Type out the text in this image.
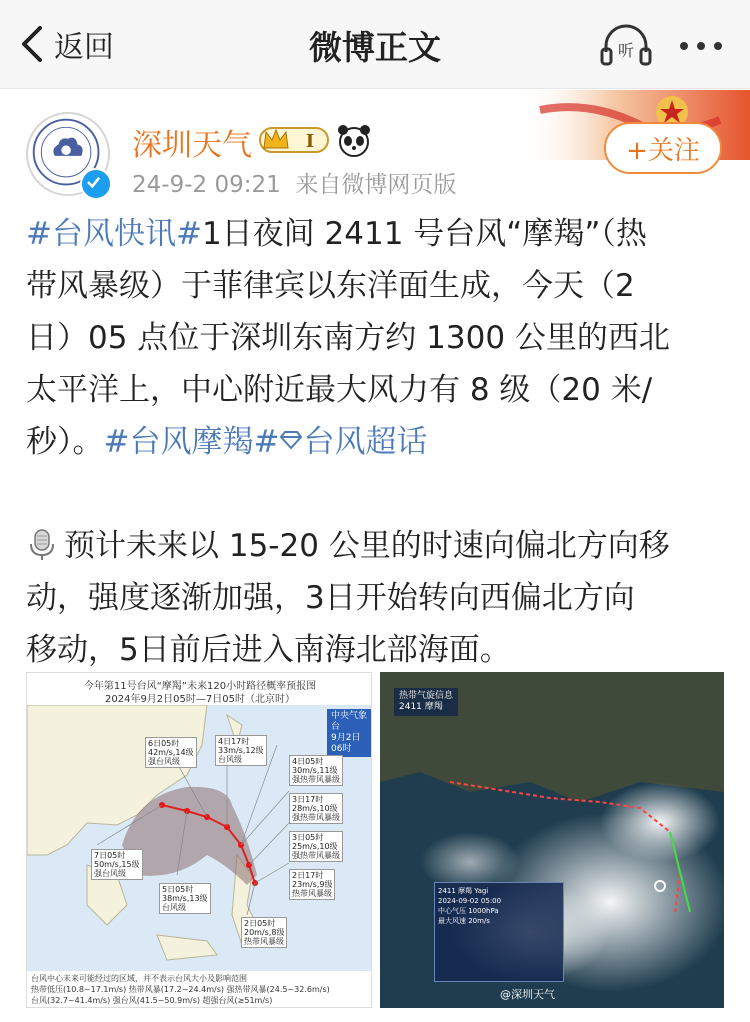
返回	微博正文	听
深圳天气	I
24-9-2 09:21 来自微博网页版
+关注

#台风快讯#1日夜间 2411 号台风“摩羯”（热

带风暴级）于菲律宾以东洋面生成，今天（2

日）05 点位于深圳东南方约 1300 公里的西北

太平洋上，中心附近最大风力有 8 级（20 米/

秒）。#台风摩羯# 台风超话

预计未来以 15-20 公里的时速向偏北方向移

动，强度逐渐加强，3日开始转向西偏北方向

移动，5日前后进入南海北部海面。

今年第11号台风“摩羯”未来120小时路径概率预报图
2024年9月2日05时—7日05时（北京时）
中央气象台
9月2日06时
6日05时
42m/s,14级
强台风级
4日17时
33m/s,12级
台风级	4日05时
30m/s,11级
强热带风暴级
3日17时
28m/s,10级
强热带风暴级
3日05时
25m/s,10级
强热带风暴级
2日17时
23m/s,9级
热带风暴级
7日05时
50m/s,15级
强台风级
5日05时
38m/s,13级
台风级
2日05时
20m/s,8级
热带风暴级
台风中心未来可能经过的区域，并不表示台风大小及影响范围
热带低压(10.8~17.1m/s) 热带风暴(17.2~24.4m/s) 强热带风暴(24.5~32.6m/s)
台风(32.7~41.4m/s) 强台风(41.5~50.9m/s) 超强台风(≥51m/s)
热带气旋信息
2411 摩羯
2411 摩羯 Yagi
2024-09-02 05:00
中心气压 1000hPa
最大风速 20m/s
@深圳天气
